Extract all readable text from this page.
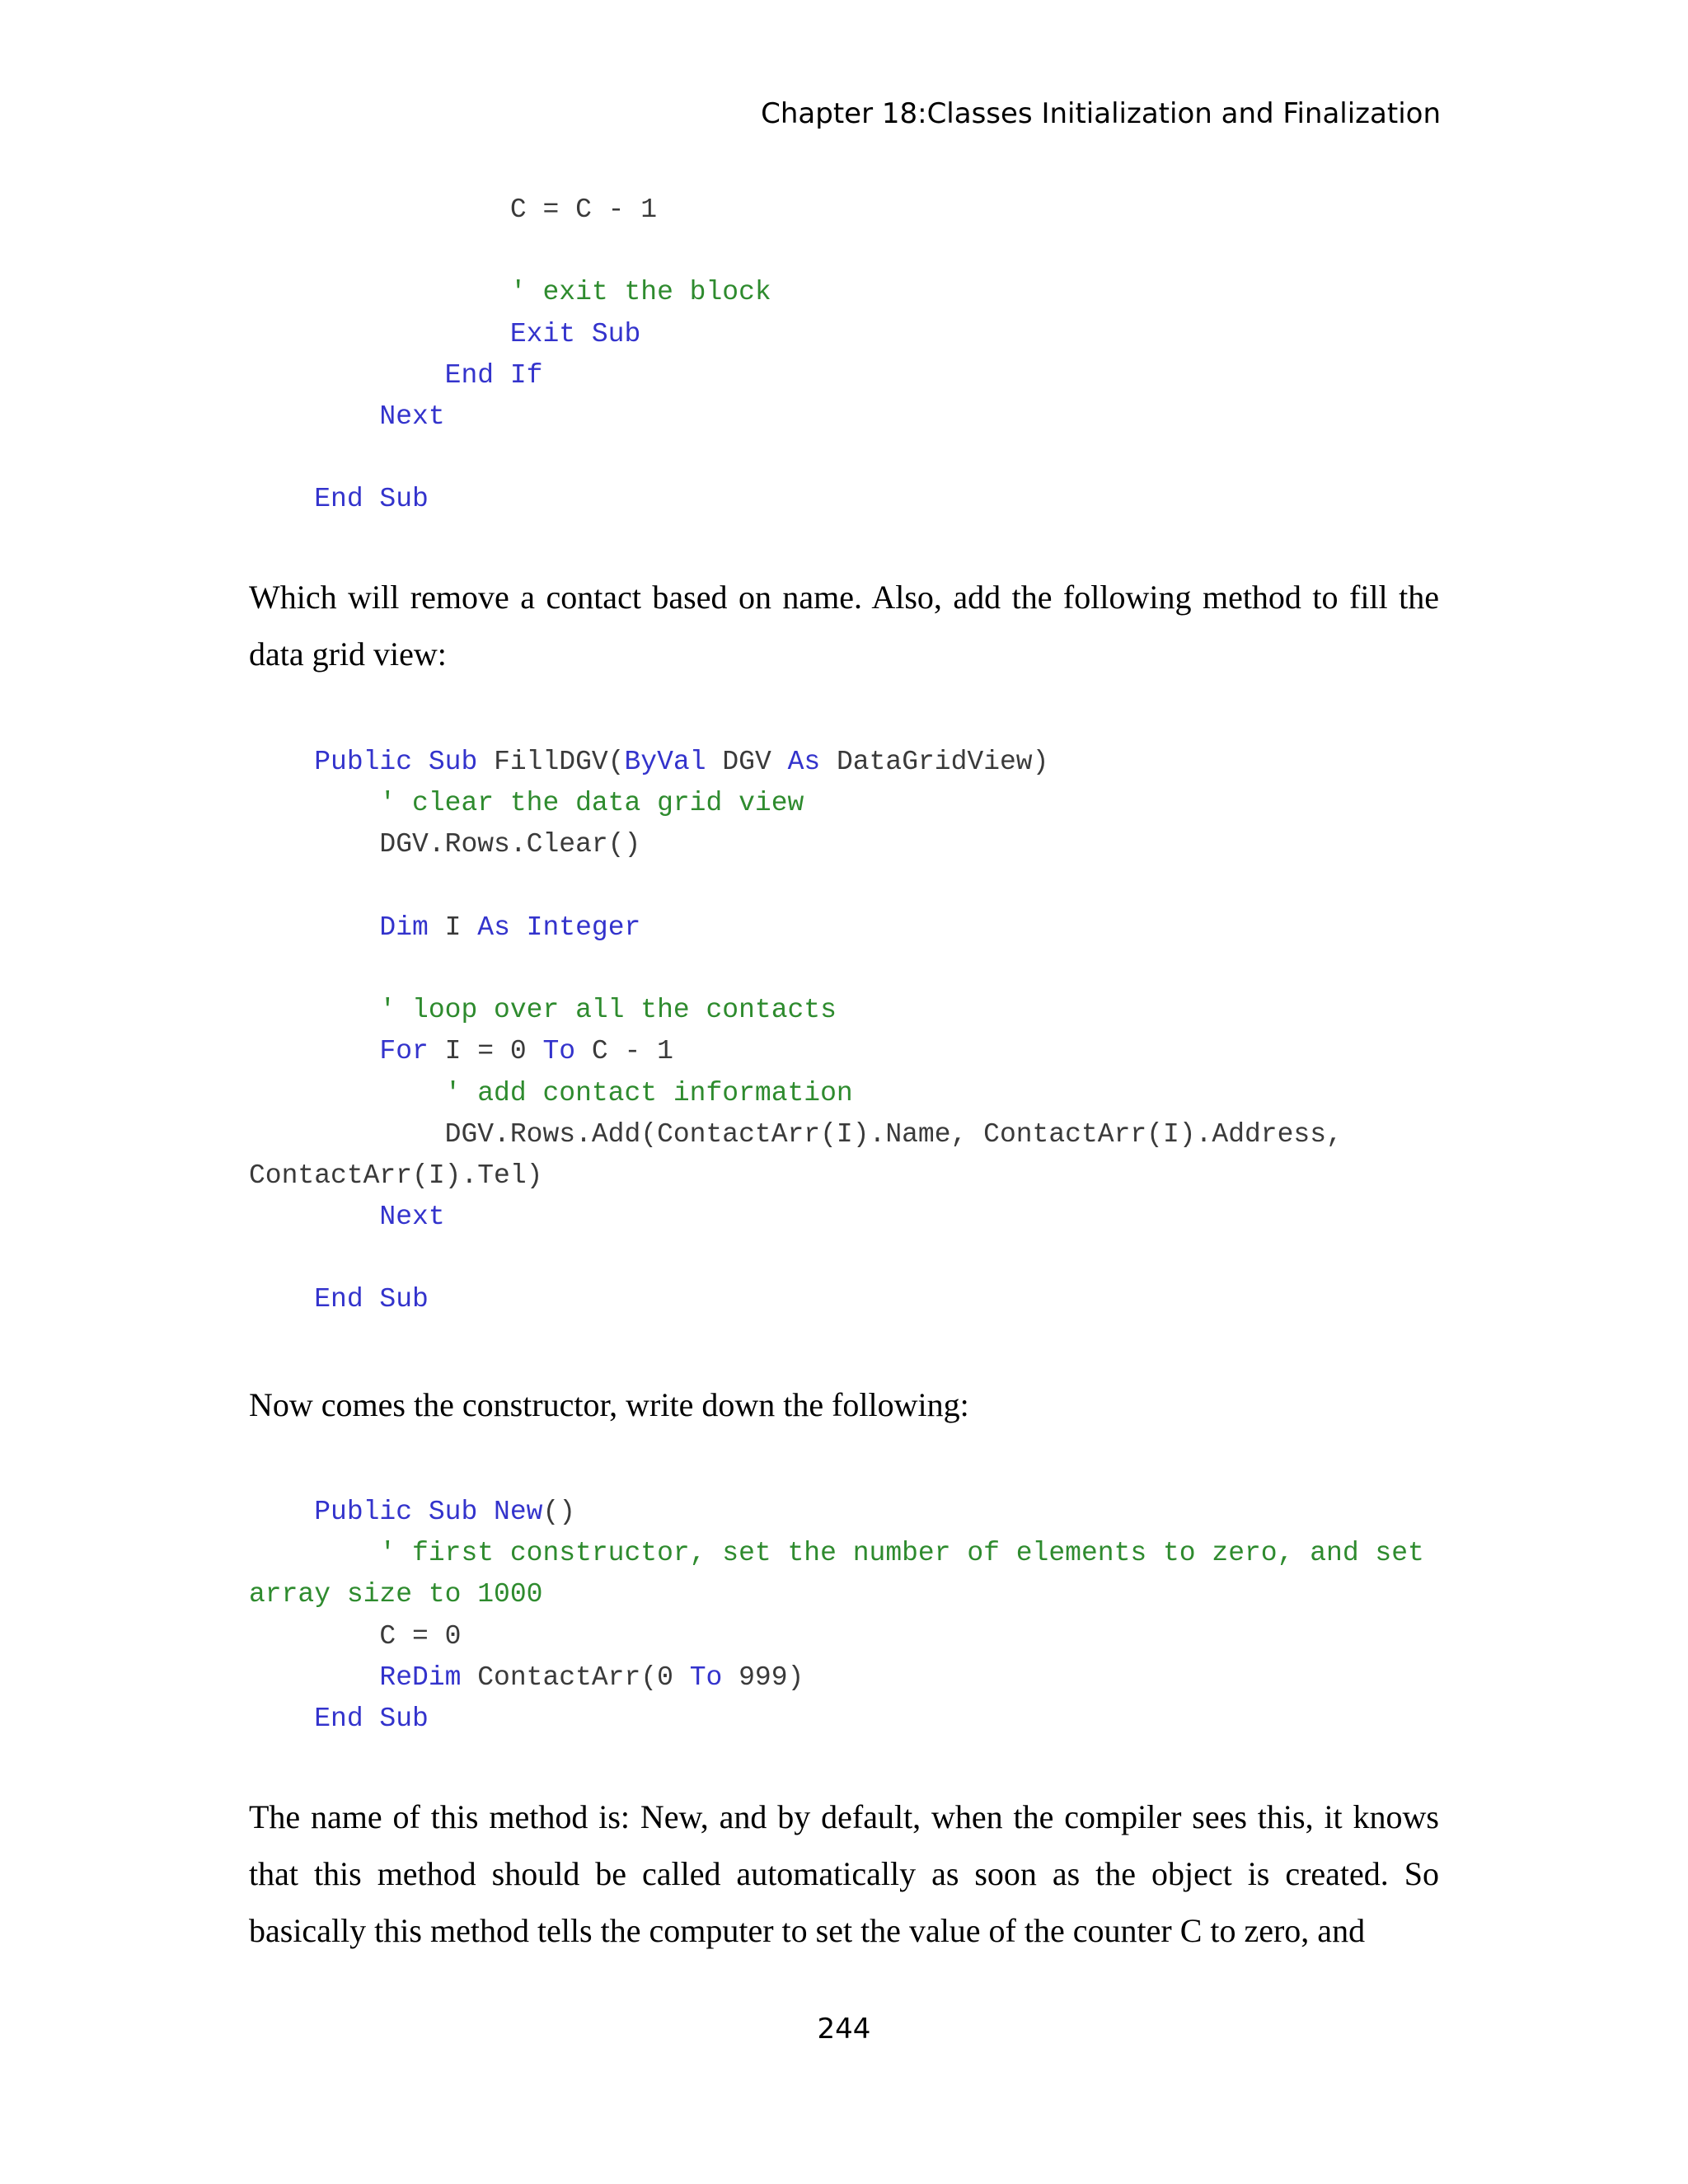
Chapter 18:Classes Initialization and Finalization
C = C - 1
' exit the block
Exit Sub
End If
Next
End Sub

Which will remove a contact based on name. Also, add the following method to fill the data grid view:

Public Sub FillDGV(ByVal DGV As DataGridView)
' clear the data grid view
DGV.Rows.Clear()
Dim I As Integer
' loop over all the contacts
For I = 0 To C - 1
' add contact information
DGV.Rows.Add(ContactArr(I).Name, ContactArr(I).Address,
ContactArr(I).Tel)
Next
End Sub

Now comes the constructor, write down the following:

Public Sub New()
' first constructor, set the number of elements to zero, and set
array size to 1000
C = 0
ReDim ContactArr(0 To 999)
End Sub

The name of this method is: New, and by default, when the compiler sees this, it knows that this method should be called automatically as soon as the object is created. So basically this method tells the computer to set the value of the counter C to zero, and

244
